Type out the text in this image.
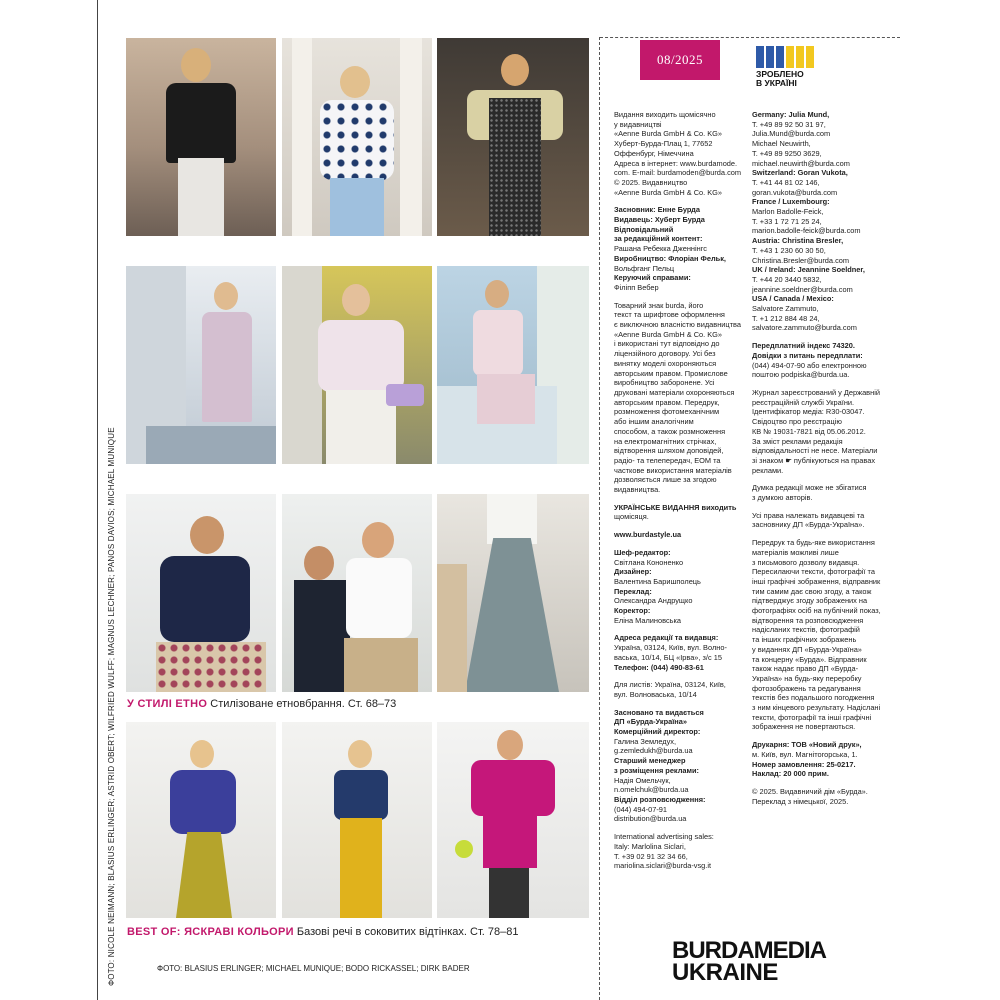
ФОТО: NICOLE NEIMANN; BLASIUS ERLINGER; ASTRID OBERT; WILFRIED WULFF; MAGNUS LECHNER; PANOS DAVIOS; MICHAEL MUNIQUE У СТИЛІ ЕТНО Стилізоване етновбрання. Ст. 68–73
BEST OF: ЯСКРАВІ КОЛЬОРИ Базові речі в соковитих відтінках. Ст. 78–81
ФОТО: BLASIUS ERLINGER; MICHAEL MUNIQUE; BODO RICKASSEL; DIRK BADER
08/2025
ЗРОБЛЕНО
В УКРАЇНІ

Видання виходить щомісячно
у видавництві
«Aenne Burda GmbH & Co. KG»
Хуберт-Бурда-Плац 1, 77652
Оффенбург, Німеччина
Адреса в інтернет: www.burdamode.
com. E-mail: burdamoden@burda.com
© 2025. Видавництво
«Aenne Burda GmbH & Co. KG»

Засновник: Енне Бурда
Видавець: Хуберт Бурда
Відповідальний
за редакційний контент:
Рашана Ребекка Дженнінгс
Виробництво: Флоріан Фельк,
Вольфганг Пельц
Керуючий справами:
Філіпп Вебер

Товарний знак burda, його
текст та шрифтове оформлення
є виключною власністю видавництва
«Aenne Burda GmbH & Co. KG»
і використані тут відповідно до
ліцензійного договору. Усі без
винятку моделі охороняються
авторським правом. Промислове
виробництво заборонене. Усі
друковані матеріали охороняються
авторським правом. Передрук,
розмноження фотомеханічним
або іншим аналогічним
способом, а також розмноження
на електромагнітних стрічках,
відтворення шляхом доповідей,
радіо- та телепередач, ЕОМ та
часткове використання матеріалів
дозволяється лише за згодою
видавництва.

УКРАЇНСЬКЕ ВИДАННЯ виходить
щомісяця.

www.burdastyle.ua

Шеф-редактор:
Світлана Кононенко
Дизайнер:
Валентина Баришполець
Переклад:
Олександра Андрущко
Коректор:
Еліна Малиновська

Адреса редакції та видавця:
Україна, 03124, Київ, вул. Волно-
васька, 10/14, БЦ «Ірва», з/с 15
Телефон: (044) 490-83-61

Для листів: Україна, 03124, Київ,
вул. Волноваська, 10/14

Засновано та видається
ДП «Бурда-Україна»
Комерційний директор:
Галина Земледух,
g.zemledukh@burda.ua
Старший менеджер
з розміщення реклами:
Надія Омельчук,
n.omelchuk@burda.ua
Відділ розповсюдження:
(044) 494-07-91
distribution@burda.ua

International advertising sales:
Italy: Marlolina Siclari,
T. +39 02 91 32 34 66,
mariolina.siclari@burda-vsg.it

Germany: Julia Mund,
T. +49 89 92 50 31 97,
Julia.Mund@burda.com
Michael Neuwirth,
T. +49 89 9250 3629,
michael.neuwirth@burda.com
Switzerland: Goran Vukota,
T. +41 44 81 02 146,
goran.vukota@burda.com
France / Luxembourg:
Marlon Badolle-Feick,
T. +33 1 72 71 25 24,
marion.badolle-feick@burda.com
Austria: Christina Bresler,
T. +43 1 230 60 30 50,
Christina.Bresler@burda.com
UK / Ireland: Jeannine Soeldner,
T. +44 20 3440 5832,
jeannine.soeldner@burda.com
USA / Canada / Mexico:
Salvatore Zammuto,
T. +1 212 884 48 24,
salvatore.zammuto@burda.com

Передплатний індекс 74320.
Довідки з питань передплати:
(044) 494-07-90 або електронною
поштою podpiska@burda.ua.

Журнал зареєстрований у Державній
реєстраційній службі України.
Ідентифікатор медіа: R30-03047.
Свідоцтво про реєстрацію
КВ № 19031-7821 від 05.06.2012.
За зміст реклами редакція
відповідальності не несе. Матеріали
зі знаком ☛ публікуються на правах
реклами.

Думка редакції може не збігатися
з думкою авторів.

Усі права належать видавцеві та
засновнику ДП «Бурда-Україна».

Передрук та будь-яке використання
матеріалів можливі лише
з письмового дозволу видавця.
Пересилаючи тексти, фотографії та
інші графічні зображення, відправник
тим самим дає свою згоду, а також
підтверджує згоду зображених на
фотографіях осіб на публічний показ,
відтворення та розповсюдження
надісланих текстів, фотографій
та інших графічних зображень
у виданнях ДП «Бурда-Україна»
та концерну «Бурда». Відправник
також надає право ДП «Бурда-
Україна» на будь-яку переробку
фотозображень та редагування
текстів без подальшого погодження
з ним кінцевого результату. Надіслані
тексти, фотографії та інші графічні
зображення не повертаються.

Друкарня: ТОВ «Новий друк»,
м. Київ, вул. Магнітогорська, 1.
Номер замовлення: 25-0217.
Наклад: 20 000 прим.

© 2025. Видавничий дім «Бурда».
Переклад з німецької, 2025.

BURDAMEDIA
UKRAINE
